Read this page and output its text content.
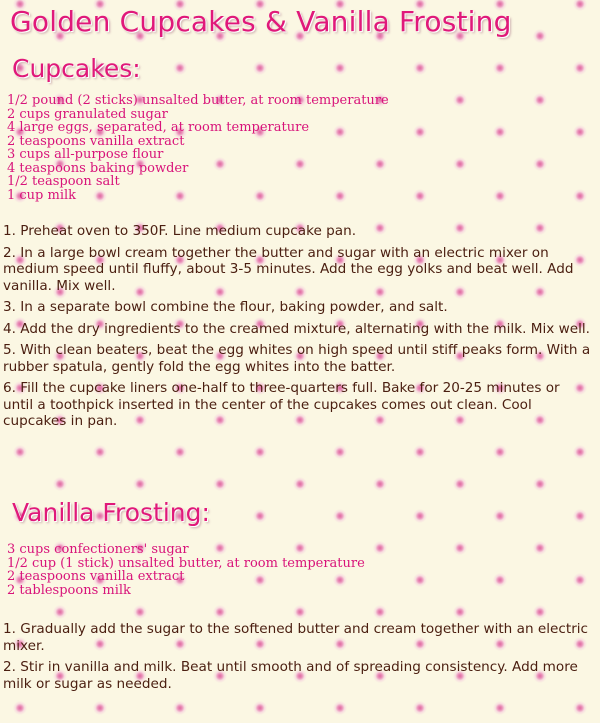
Golden Cupcakes & Vanilla Frosting
Cupcakes:
1/2 pound (2 sticks) unsalted butter, at room temperature
2 cups granulated sugar
4 large eggs, separated, at room temperature
2 teaspoons vanilla extract
3 cups all-purpose flour
4 teaspoons baking powder
1/2 teaspoon salt
1 cup milk

1. Preheat oven to 350F. Line medium cupcake pan.

2. In a large bowl cream together the butter and sugar with an electric mixer on medium speed until fluffy, about 3-5 minutes. Add the egg yolks and beat well. Add vanilla. Mix well.

3. In a separate bowl combine the flour, baking powder, and salt.

4. Add the dry ingredients to the creamed mixture, alternating with the milk. Mix well.

5. With clean beaters, beat the egg whites on high speed until stiff peaks form. With a rubber spatula, gently fold the egg whites into the batter.

6. Fill the cupcake liners one-half to three-quarters full. Bake for 20-25 minutes or until a toothpick inserted in the center of the cupcakes comes out clean. Cool cupcakes in pan.

Vanilla Frosting:
3 cups confectioners' sugar
1/2 cup (1 stick) unsalted butter, at room temperature
2 teaspoons vanilla extract
2 tablespoons milk

1. Gradually add the sugar to the softened butter and cream together with an electric mixer.

2. Stir in vanilla and milk. Beat until smooth and of spreading consistency. Add more milk or sugar as needed.
